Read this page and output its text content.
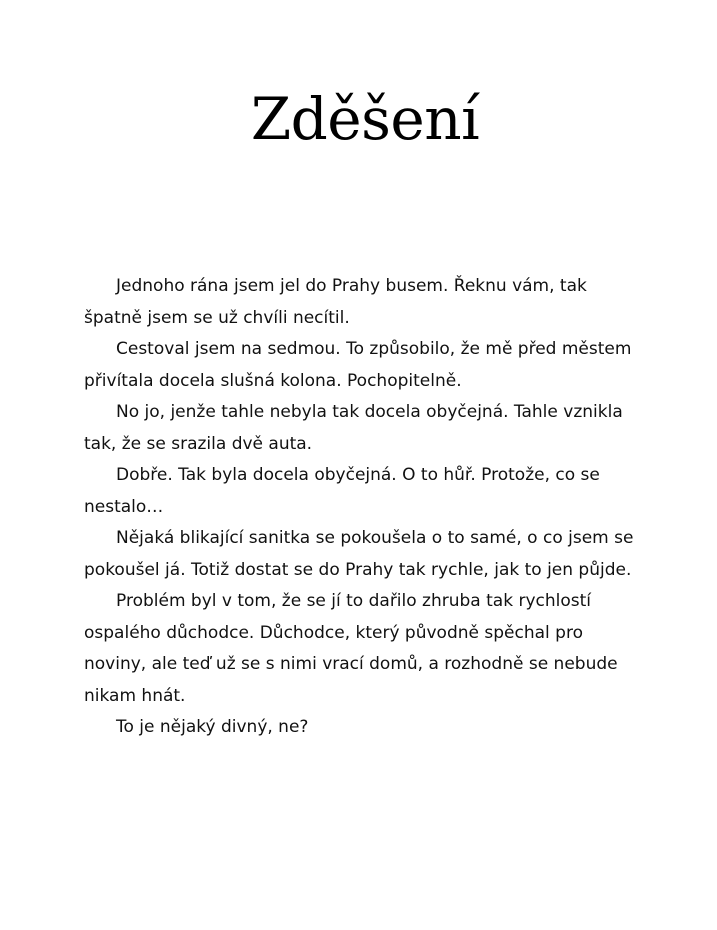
Zděšení

Jednoho rána jsem jel do Prahy busem. Řeknu vám, tak špatně jsem se už chvíli necítil.

Cestoval jsem na sedmou. To způsobilo, že mě před městem přivítala docela slušná kolona. Pochopitelně.

No jo, jenže tahle nebyla tak docela obyčejná. Tahle vznikla tak, že se srazila dvě auta.

Dobře. Tak byla docela obyčejná. O to hůř. Protože, co se nestalo…

Nějaká blikající sanitka se pokoušela o to samé, o co jsem se pokoušel já. Totiž dostat se do Prahy tak rychle, jak to jen půjde.

Problém byl v tom, že se jí to dařilo zhruba tak rychlostí ospalého důchodce. Důchodce, který původně spěchal pro noviny, ale teď už se s nimi vrací domů, a rozhodně se nebude nikam hnát.

To je nějaký divný, ne?
